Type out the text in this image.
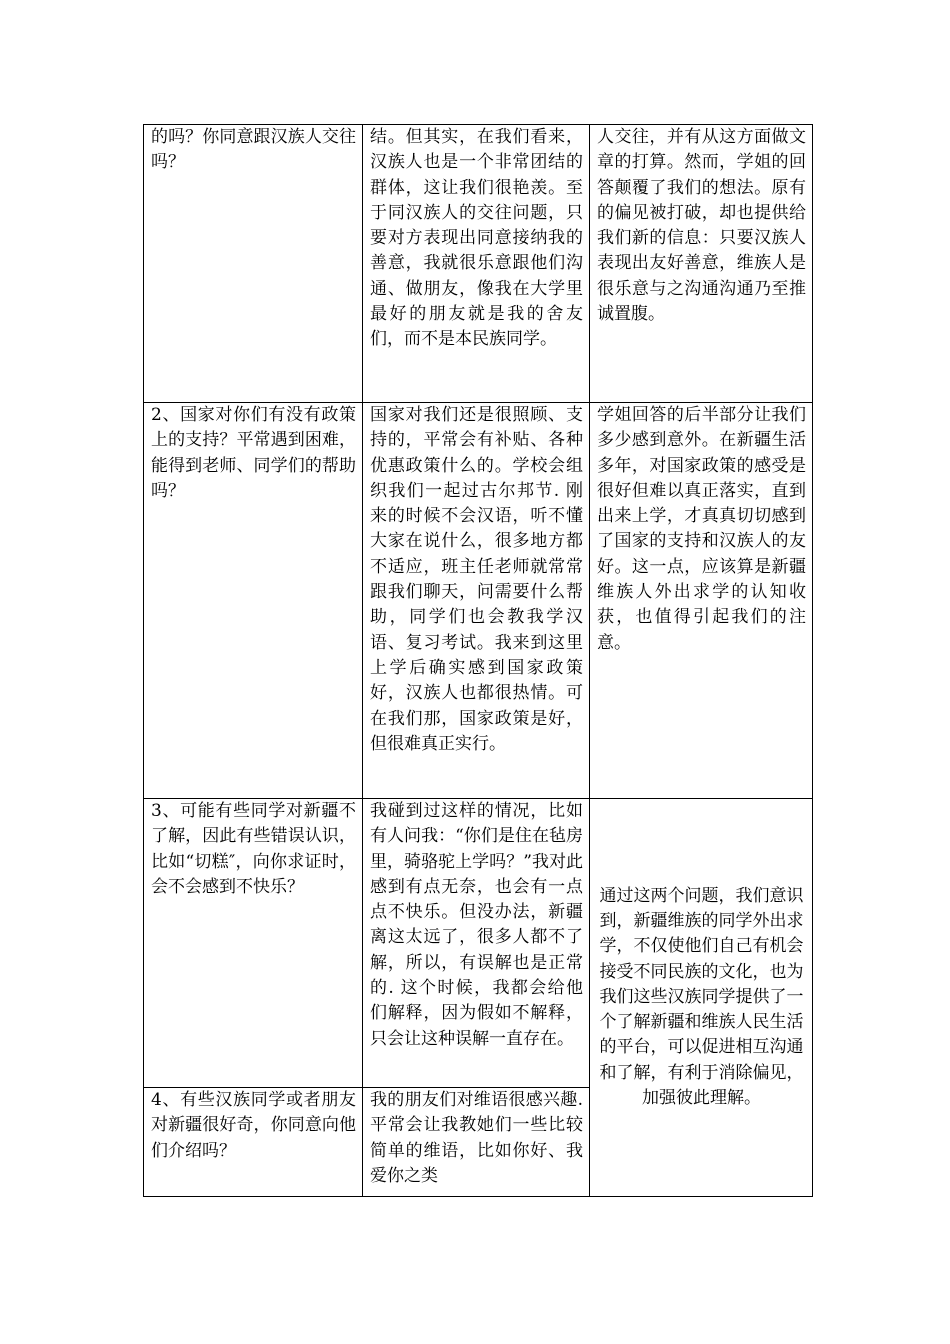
的吗？你同意跟汉族人交往吗？	结。但其实，在我们看来，汉族人也是一个非常团结的群体，这让我们很艳羡。至于同汉族人的交往问题，只要对方表现出同意接纳我的善意，我就很乐意跟他们沟通、做朋友，像我在大学里最好的朋友就是我的舍友们，而不是本民族同学。	人交往，并有从这方面做文章的打算。然而，学姐的回答颠覆了我们的想法。原有的偏见被打破，却也提供给我们新的信息：只要汉族人表现出友好善意，维族人是很乐意与之沟通沟通乃至推诚置腹。
2、国家对你们有没有政策上的支持？平常遇到困难，能得到老师、同学们的帮助吗？	国家对我们还是很照顾、支持的，平常会有补贴、各种优惠政策什么的。学校会组织我们一起过古尔邦节. 刚来的时候不会汉语，听不懂大家在说什么，很多地方都不适应，班主任老师就常常跟我们聊天，问需要什么帮助，同学们也会教我学汉语、复习考试。我来到这里上学后确实感到国家政策好，汉族人也都很热情。可在我们那，国家政策是好，但很难真正实行。	学姐回答的后半部分让我们多少感到意外。在新疆生活多年，对国家政策的感受是很好但难以真正落实，直到出来上学，才真真切切感到了国家的支持和汉族人的友好。这一点，应该算是新疆维族人外出求学的认知收获，也值得引起我们的注意。
3、可能有些同学对新疆不了解，因此有些错误认识，比如“切糕″，向你求证时，会不会感到不快乐？	我碰到过这样的情况，比如有人问我：“你们是住在毡房里，骑骆驼上学吗？”我对此感到有点无奈，也会有一点点不快乐。但没办法，新疆离这太远了，很多人都不了解，所以，有误解也是正常的. 这个时候，我都会给他们解释，因为假如不解释，只会让这种误解一直存在。	通过这两个问题，我们意识到，新疆维族的同学外出求学，不仅使他们自己有机会接受不同民族的文化，也为我们这些汉族同学提供了一个了解新疆和维族人民生活的平台，可以促进相互沟通和了解，有利于消除偏见，加强彼此理解。
4、有些汉族同学或者朋友对新疆很好奇，你同意向他们介绍吗？	我的朋友们对维语很感兴趣. 平常会让我教她们一些比较简单的维语，比如你好、我爱你之类	
